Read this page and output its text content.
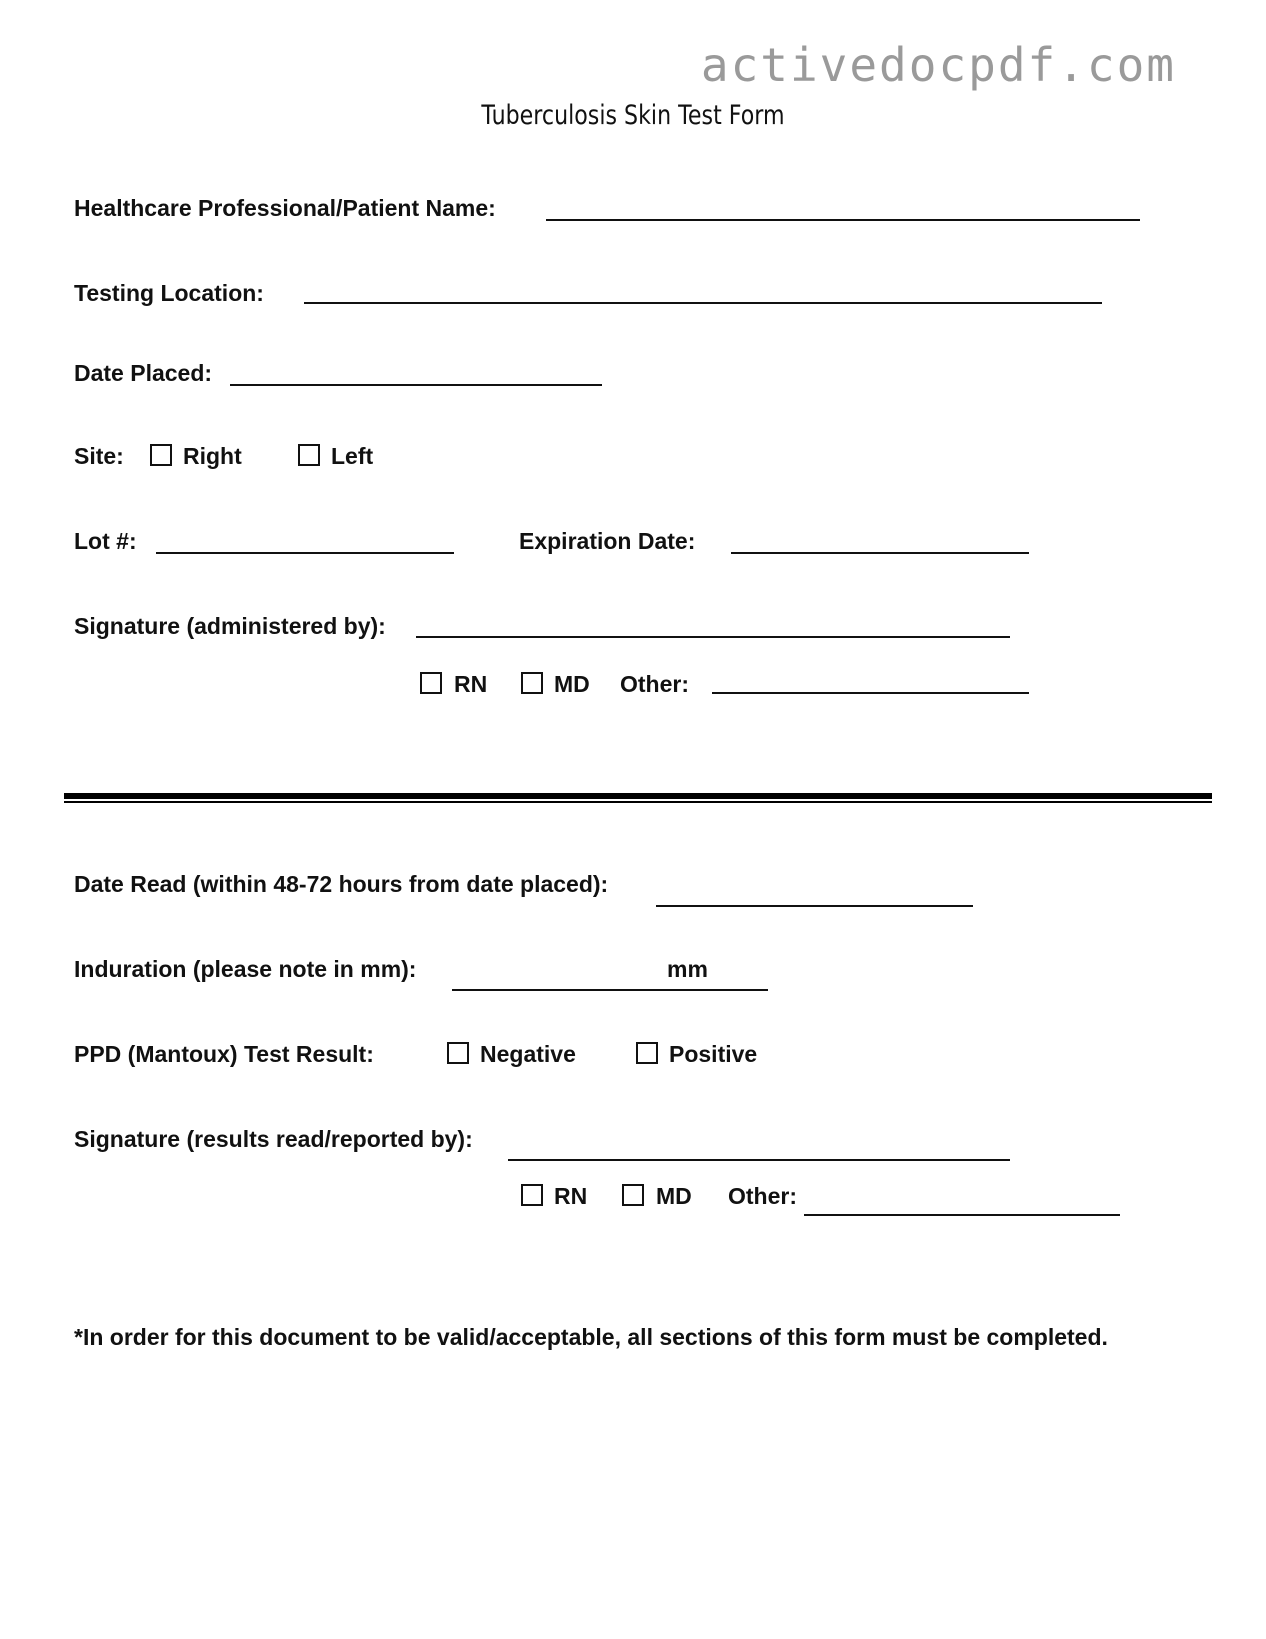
activedocpdf.com
Tuberculosis Skin Test Form
Healthcare Professional/Patient Name:
Testing Location:
Date Placed:
Site:	Right	Left
Lot #:	Expiration Date:
Signature (administered by):
RN	MD Other:
Date Read (within 48-72 hours from date placed):
Induration (please note in mm):	mm
PPD (Mantoux) Test Result:	Negative	Positive
Signature (results read/reported by):
RN	MD Other:
*In order for this document to be valid/acceptable, all sections of this form must be completed.
